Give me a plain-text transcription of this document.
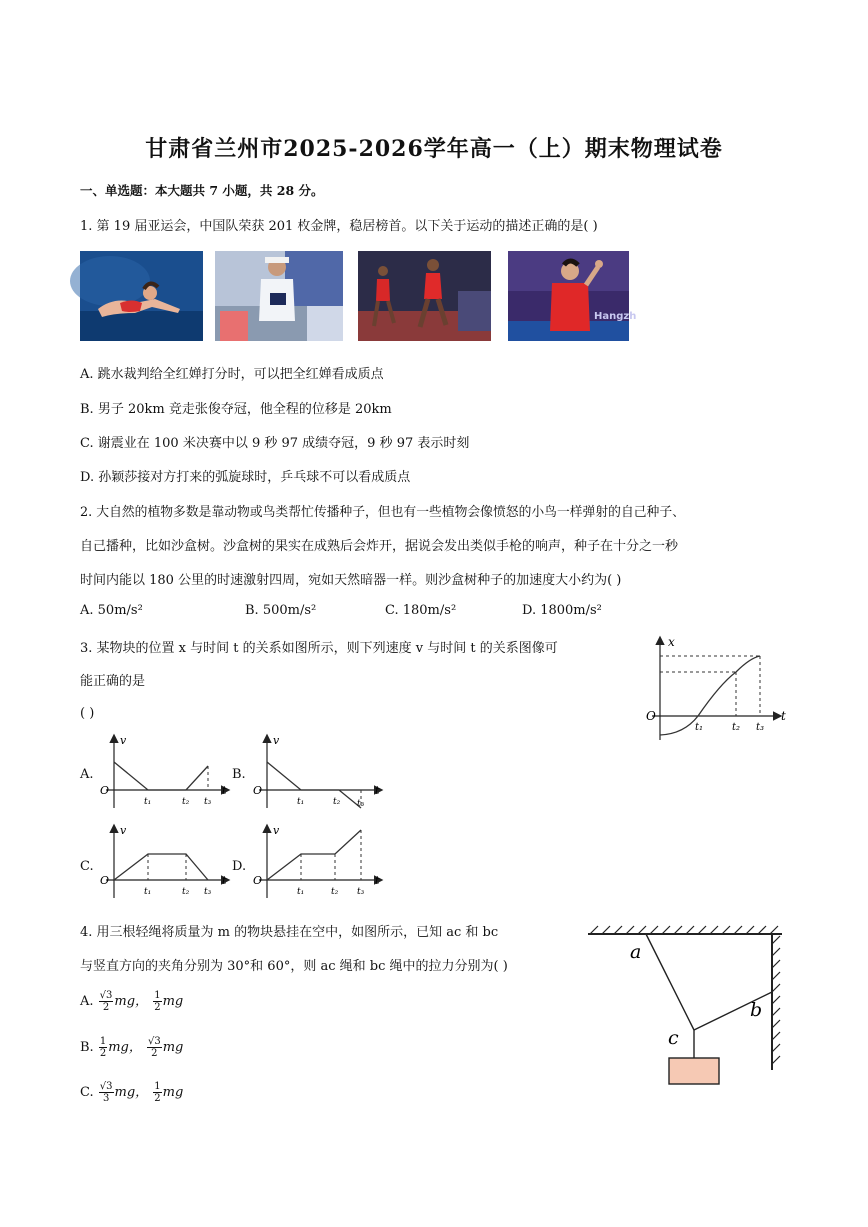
甘肃省兰州市2025-2026学年高一（上）期末物理试卷
一、单选题：本大题共 7 小题，共 28 分。
1. 第 19 届亚运会，中国队荣获 201 枚金牌，稳居榜首。以下关于运动的描述正确的是( )
Hangzh
A. 跳水裁判给全红婵打分时，可以把全红婵看成质点
B. 男子 20km 竞走张俊夺冠，他全程的位移是 20km
C. 谢震业在 100 米决赛中以 9 秒 97 成绩夺冠，9 秒 97 表示时刻
D. 孙颖莎接对方打来的弧旋球时，乒乓球不可以看成质点
2. 大自然的植物多数是靠动物或鸟类帮忙传播种子，但也有一些植物会像愤怒的小鸟一样弹射的自己种子、
自己播种，比如沙盒树。沙盒树的果实在成熟后会炸开，据说会发出类似手枪的响声，种子在十分之一秒
时间内能以 180 公里的时速激射四周，宛如天然暗器一样。则沙盒树种子的加速度大小约为( )
A. 50m/s²	B. 500m/s²	C. 180m/s²	D. 1800m/s²
3. 某物块的位置 x 与时间 t 的关系如图所示，则下列速度 v 与时间 t 的关系图像可
能正确的是
( )
x
O	t
t₁	t₂ t₃
A.
v
O	t
t₁	t₂ t₃
B.
v
O	t
t₁	t₂ t₃
C.
v
O	t
t₁	t₂ t₃
D.
v
O	t
t₁	t₂ t₃
4. 用三根轻绳将质量为 m 的物块悬挂在空中，如图所示，已知 ac 和 bc
与竖直方向的夹角分别为 30°和 60°，则 ac 绳和 bc 绳中的拉力分别为( )
A. $\frac{√3}{2}$ mg， $\frac{1}{2}$ mg
B. $\frac{1}{2}$ mg， $\frac{√3}{2}$ mg
C. $\frac{√3}{3}$ mg， $\frac{1}{2}$ mg
a
b
c
